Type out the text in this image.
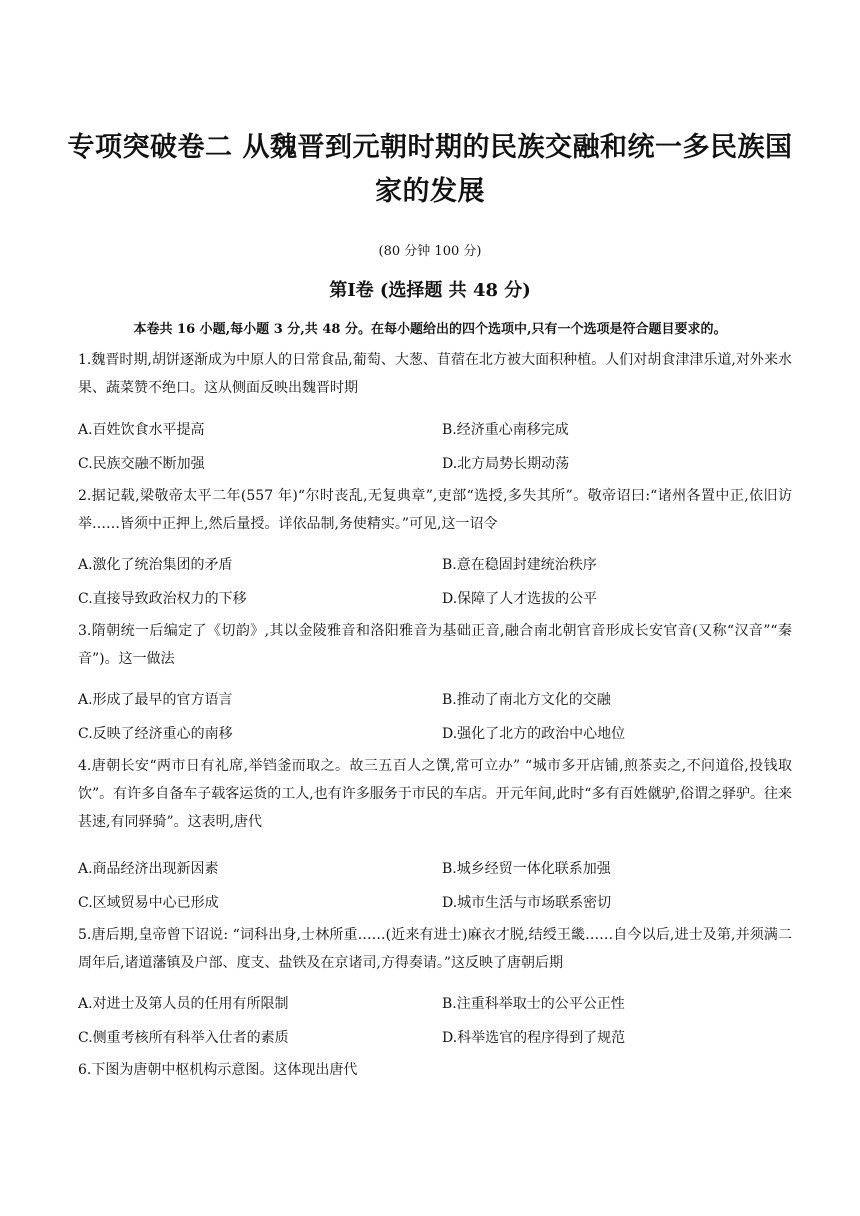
专项突破卷二 从魏晋到元朝时期的民族交融和统一多民族国
家的发展
(80 分钟 100 分)
第Ⅰ卷 (选择题 共 48 分)
本卷共 16 小题,每小题 3 分,共 48 分。在每小题给出的四个选项中,只有一个选项是符合题目要求的。
1.魏晋时期,胡饼逐渐成为中原人的日常食品,葡萄、大葱、苜蓿在北方被大面积种植。人们对胡食津津乐道,对外来水果、蔬菜赞不绝口。这从侧面反映出魏晋时期
A.百姓饮食水平提高	B.经济重心南移完成
C.民族交融不断加强	D.北方局势长期动荡
2.据记载,梁敬帝太平二年(557 年)“尔时丧乱,无复典章”,吏部“选授,多失其所”。敬帝诏曰:“诸州各置中正,依旧访举……皆须中正押上,然后量授。详依品制,务使精实。”可见,这一诏令
A.激化了统治集团的矛盾	B.意在稳固封建统治秩序
C.直接导致政治权力的下移	D.保障了人才选拔的公平
3.隋朝统一后编定了《切韵》,其以金陵雅音和洛阳雅音为基础正音,融合南北朝官音形成长安官音(又称“汉音”“秦音”)。这一做法
A.形成了最早的官方语言	B.推动了南北方文化的交融
C.反映了经济重心的南移	D.强化了北方的政治中心地位
4.唐朝长安“两市日有礼席,举铛釜而取之。故三五百人之馔,常可立办” “城市多开店铺,煎茶卖之,不问道俗,投钱取饮”。有许多自备车子载客运货的工人,也有许多服务于市民的车店。开元年间,此时“多有百姓僦驴,俗谓之驿驴。往来甚速,有同驿骑”。这表明,唐代
A.商品经济出现新因素	B.城乡经贸一体化联系加强
C.区域贸易中心已形成	D.城市生活与市场联系密切
5.唐后期,皇帝曾下诏说: “词科出身,士林所重……(近来有进士)麻衣才脱,结绶王畿……自今以后,进士及第,并须满二周年后,诸道藩镇及户部、度支、盐铁及在京诸司,方得奏请。”这反映了唐朝后期
A.对进士及第人员的任用有所限制	B.注重科举取士的公平公正性
C.侧重考核所有科举入仕者的素质	D.科举选官的程序得到了规范
6.下图为唐朝中枢机构示意图。这体现出唐代
